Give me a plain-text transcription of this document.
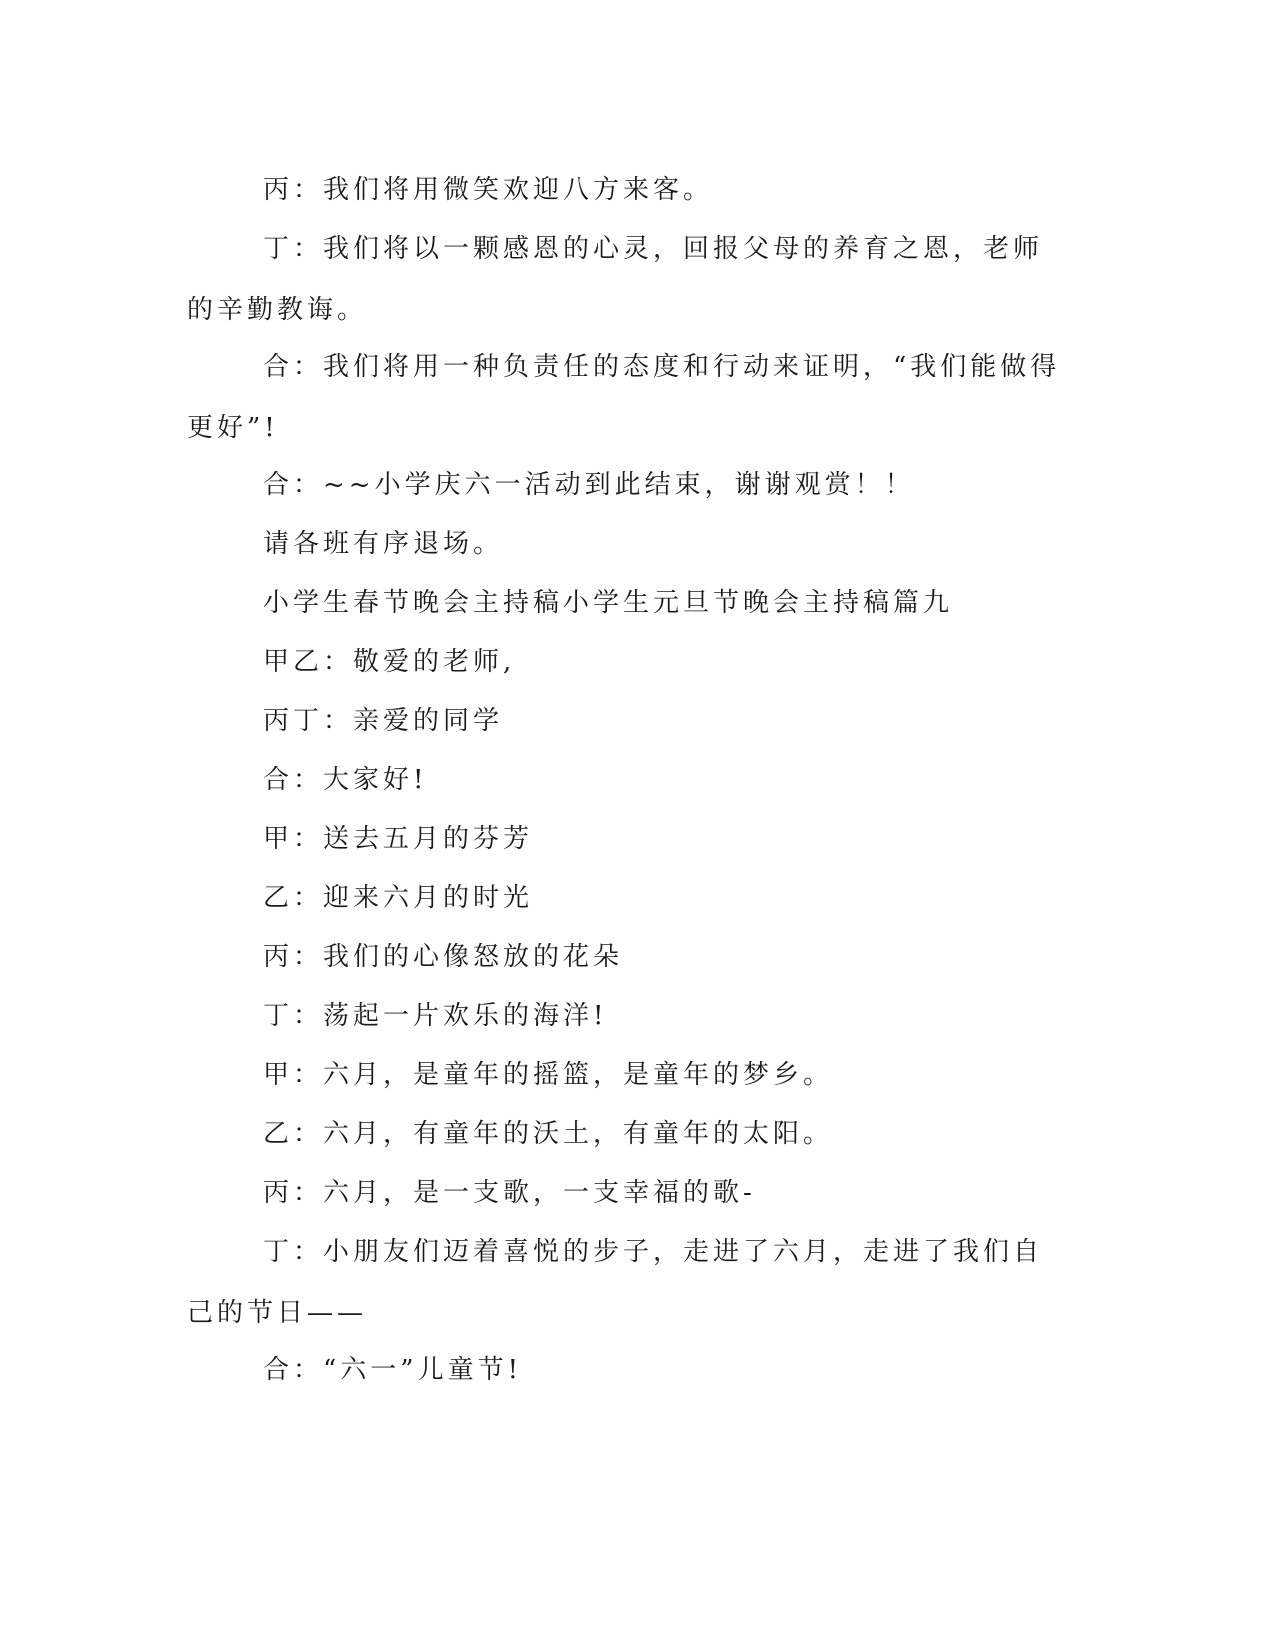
丙：我们将用微笑欢迎八方来客。

丁：我们将以一颗感恩的心灵，回报父母的养育之恩，老师的辛勤教诲。

合：我们将用一种负责任的态度和行动来证明，“我们能做得更好”!

合：~~小学庆六一活动到此结束，谢谢观赏！！

请各班有序退场。

小学生春节晚会主持稿小学生元旦节晚会主持稿篇九

甲乙：敬爱的老师,

丙丁：亲爱的同学

合：大家好!

甲：送去五月的芬芳

乙：迎来六月的时光

丙：我们的心像怒放的花朵

丁：荡起一片欢乐的海洋!

甲：六月，是童年的摇篮，是童年的梦乡。

乙：六月，有童年的沃土，有童年的太阳。

丙：六月，是一支歌，一支幸福的歌-

丁：小朋友们迈着喜悦的步子，走进了六月，走进了我们自己的节日——

合：“六一”儿童节!
